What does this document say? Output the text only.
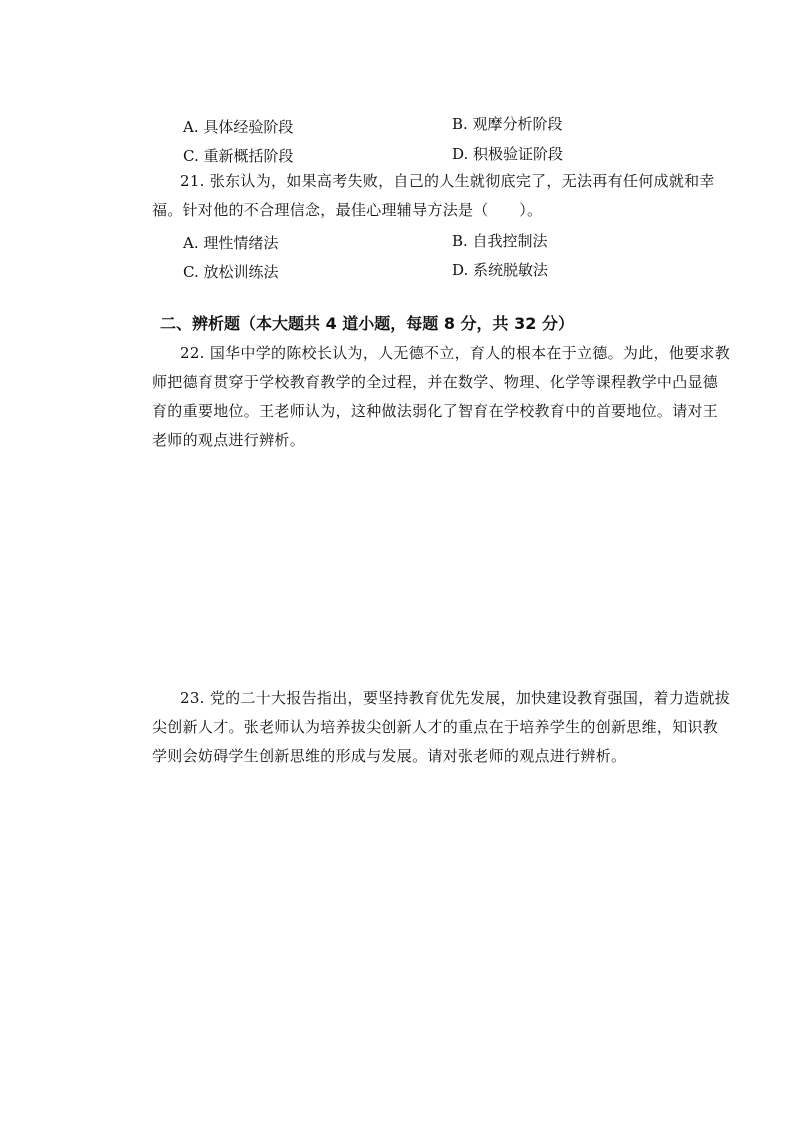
A. 具体经验阶段	B. 观摩分析阶段
C. 重新概括阶段	D. 积极验证阶段
21. 张东认为，如果高考失败，自己的人生就彻底完了，无法再有任何成就和幸福。针对他的不合理信念，最佳心理辅导方法是（　　）。
A. 理性情绪法	B. 自我控制法
C. 放松训练法	D. 系统脱敏法
二、辨析题（本大题共 4 道小题，每题 8 分，共 32 分）
22. 国华中学的陈校长认为，人无德不立，育人的根本在于立德。为此，他要求教师把德育贯穿于学校教育教学的全过程，并在数学、物理、化学等课程教学中凸显德育的重要地位。王老师认为，这种做法弱化了智育在学校教育中的首要地位。请对王老师的观点进行辨析。
23. 党的二十大报告指出，要坚持教育优先发展，加快建设教育强国，着力造就拔尖创新人才。张老师认为培养拔尖创新人才的重点在于培养学生的创新思维，知识教学则会妨碍学生创新思维的形成与发展。请对张老师的观点进行辨析。
